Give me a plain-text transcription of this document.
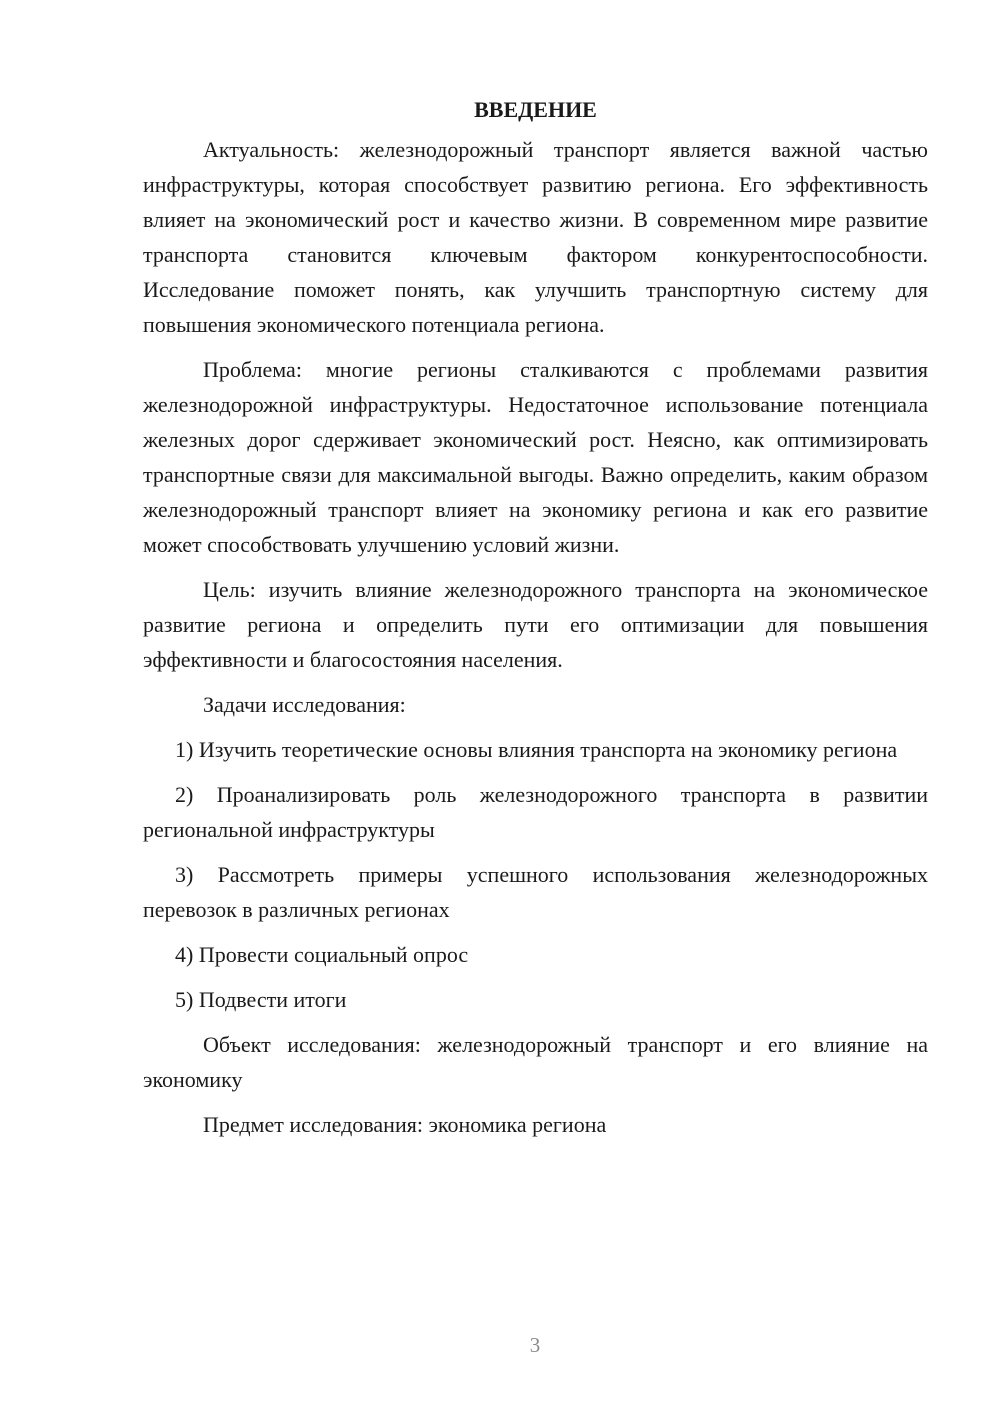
ВВЕДЕНИЕ

Актуальность: железнодорожный транспорт является важной частью инфраструктуры, которая способствует развитию региона. Его эффективность влияет на экономический рост и качество жизни. В современном мире развитие транспорта становится ключевым фактором конкурентоспособности. Исследование поможет понять, как улучшить транспортную систему для повышения экономического потенциала региона.

Проблема: многие регионы сталкиваются с проблемами развития железнодорожной инфраструктуры. Недостаточное использование потенциала железных дорог сдерживает экономический рост. Неясно, как оптимизировать транспортные связи для максимальной выгоды. Важно определить, каким образом железнодорожный транспорт влияет на экономику региона и как его развитие может способствовать улучшению условий жизни.

Цель: изучить влияние железнодорожного транспорта на экономическое развитие региона и определить пути его оптимизации для повышения эффективности и благосостояния населения.

Задачи исследования:

1) Изучить теоретические основы влияния транспорта на экономику региона

2) Проанализировать роль железнодорожного транспорта в развитии региональной инфраструктуры

3) Рассмотреть примеры успешного использования железнодорожных перевозок в различных регионах

4) Провести социальный опрос

5) Подвести итоги

Объект исследования: железнодорожный транспорт и его влияние на экономику

Предмет исследования: экономика региона

3
